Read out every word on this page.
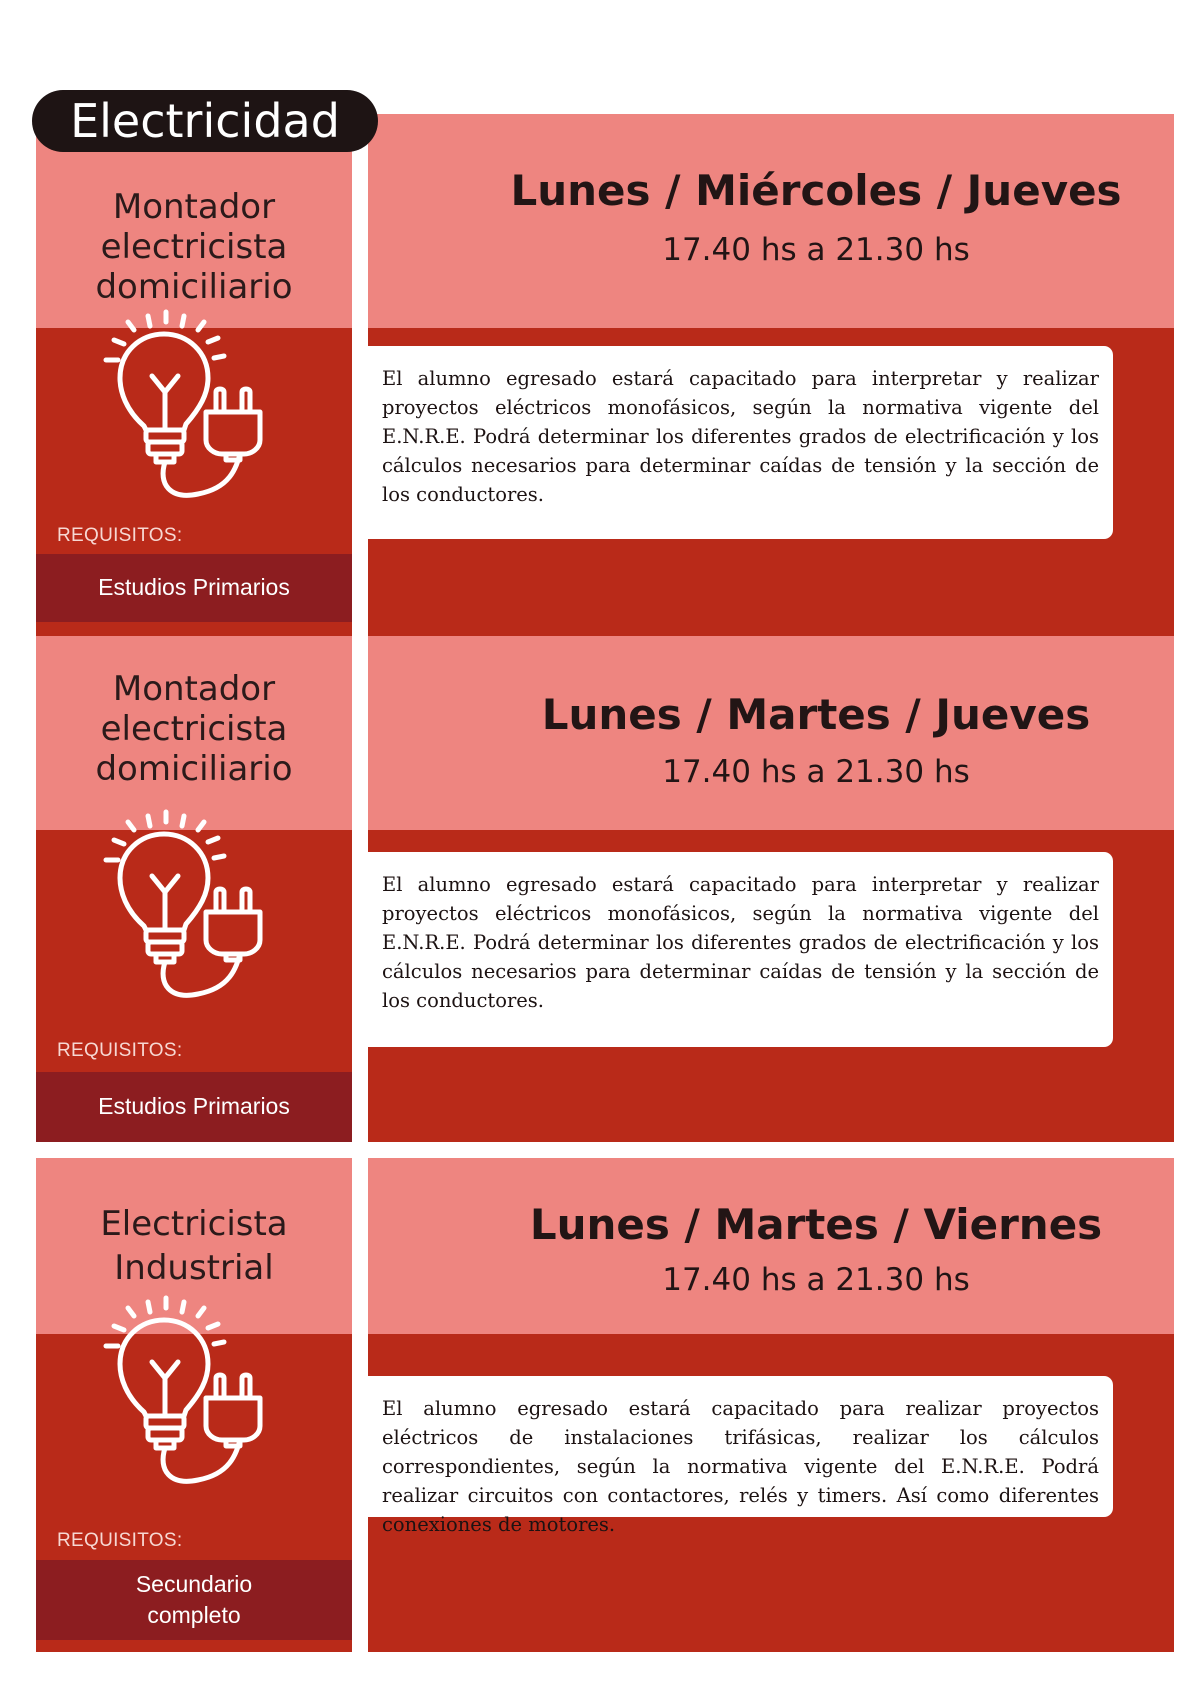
Electricidad
Montador
electricista
domiciliario
REQUISITOS:
Estudios Primarios
Lunes / Miércoles / Jueves
17.40 hs a 21.30 hs
El alumno egresado estará capacitado para interpretar y realizar proyectos eléctricos monofásicos, según la normativa vigente del E.N.R.E. Podrá determinar los diferentes grados de electrificación y los cálculos necesarios para determinar caídas de tensión y la sección de los conductores.
Montador
electricista
domiciliario
REQUISITOS:
Estudios Primarios
Lunes / Martes / Jueves
17.40 hs a 21.30 hs
El alumno egresado estará capacitado para interpretar y realizar proyectos eléctricos monofásicos, según la normativa vigente del E.N.R.E. Podrá determinar los diferentes grados de electrificación y los cálculos necesarios para determinar caídas de tensión y la sección de los conductores.
Electricista
Industrial
REQUISITOS:
Secundario
completo
Lunes / Martes / Viernes
17.40 hs a 21.30 hs
El alumno egresado estará capacitado para realizar proyectos eléctricos de instalaciones trifásicas, realizar los cálculos correspondientes, según la normativa vigente del E.N.R.E. Podrá realizar circuitos con contactores, relés y timers. Así como diferentes conexiones de motores.
